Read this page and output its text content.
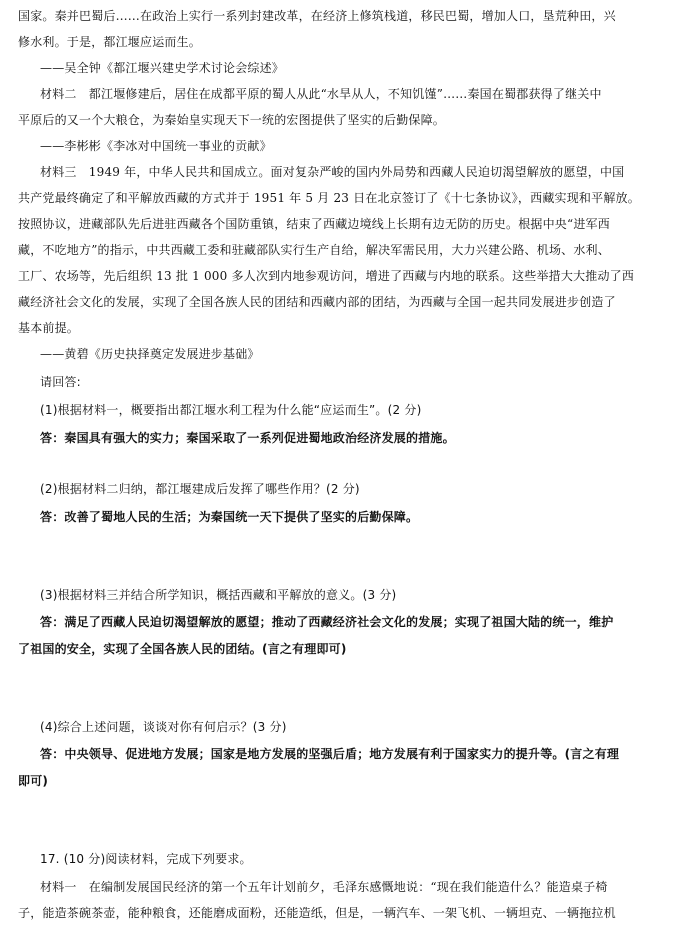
国家。秦并巴蜀后……在政治上实行一系列封建改革，在经济上修筑栈道，移民巴蜀，增加人口，垦荒种田，兴
修水利。于是，都江堰应运而生。
——吴全钟《都江堰兴建史学术讨论会综述》
材料二　都江堰修建后，居住在成都平原的蜀人从此“水旱从人，不知饥馑”……秦国在蜀郡获得了继关中
平原后的又一个大粮仓，为秦始皇实现天下一统的宏图提供了坚实的后勤保障。
——李彬彬《李冰对中国统一事业的贡献》
材料三　1949 年，中华人民共和国成立。面对复杂严峻的国内外局势和西藏人民迫切渴望解放的愿望，中国
共产党最终确定了和平解放西藏的方式并于 1951 年 5 月 23 日在北京签订了《十七条协议》，西藏实现和平解放。
按照协议，进藏部队先后进驻西藏各个国防重镇，结束了西藏边境线上长期有边无防的历史。根据中央“进军西
藏，不吃地方”的指示，中共西藏工委和驻藏部队实行生产自给，解决军需民用，大力兴建公路、机场、水利、
工厂、农场等，先后组织 13 批 1 000 多人次到内地参观访问，增进了西藏与内地的联系。这些举措大大推动了西
藏经济社会文化的发展，实现了全国各族人民的团结和西藏内部的团结，为西藏与全国一起共同发展进步创造了
基本前提。
——黄碧《历史抉择奠定发展进步基础》
请回答:
(1)根据材料一，概要指出都江堰水利工程为什么能“应运而生”。(2 分)
答：秦国具有强大的实力；秦国采取了一系列促进蜀地政治经济发展的措施。
(2)根据材料二归纳，都江堰建成后发挥了哪些作用？(2 分)
答：改善了蜀地人民的生活；为秦国统一天下提供了坚实的后勤保障。
(3)根据材料三并结合所学知识，概括西藏和平解放的意义。(3 分)
答：满足了西藏人民迫切渴望解放的愿望；推动了西藏经济社会文化的发展；实现了祖国大陆的统一，维护
了祖国的安全，实现了全国各族人民的团结。(言之有理即可)
(4)综合上述问题，谈谈对你有何启示？(3 分)
答：中央领导、促进地方发展；国家是地方发展的坚强后盾；地方发展有利于国家实力的提升等。(言之有理
即可)
17. (10 分)阅读材料，完成下列要求。
材料一　在编制发展国民经济的第一个五年计划前夕，毛泽东感慨地说：“现在我们能造什么？能造桌子椅
子，能造茶碗茶壶，能种粮食，还能磨成面粉，还能造纸，但是，一辆汽车、一架飞机、一辆坦克、一辆拖拉机
